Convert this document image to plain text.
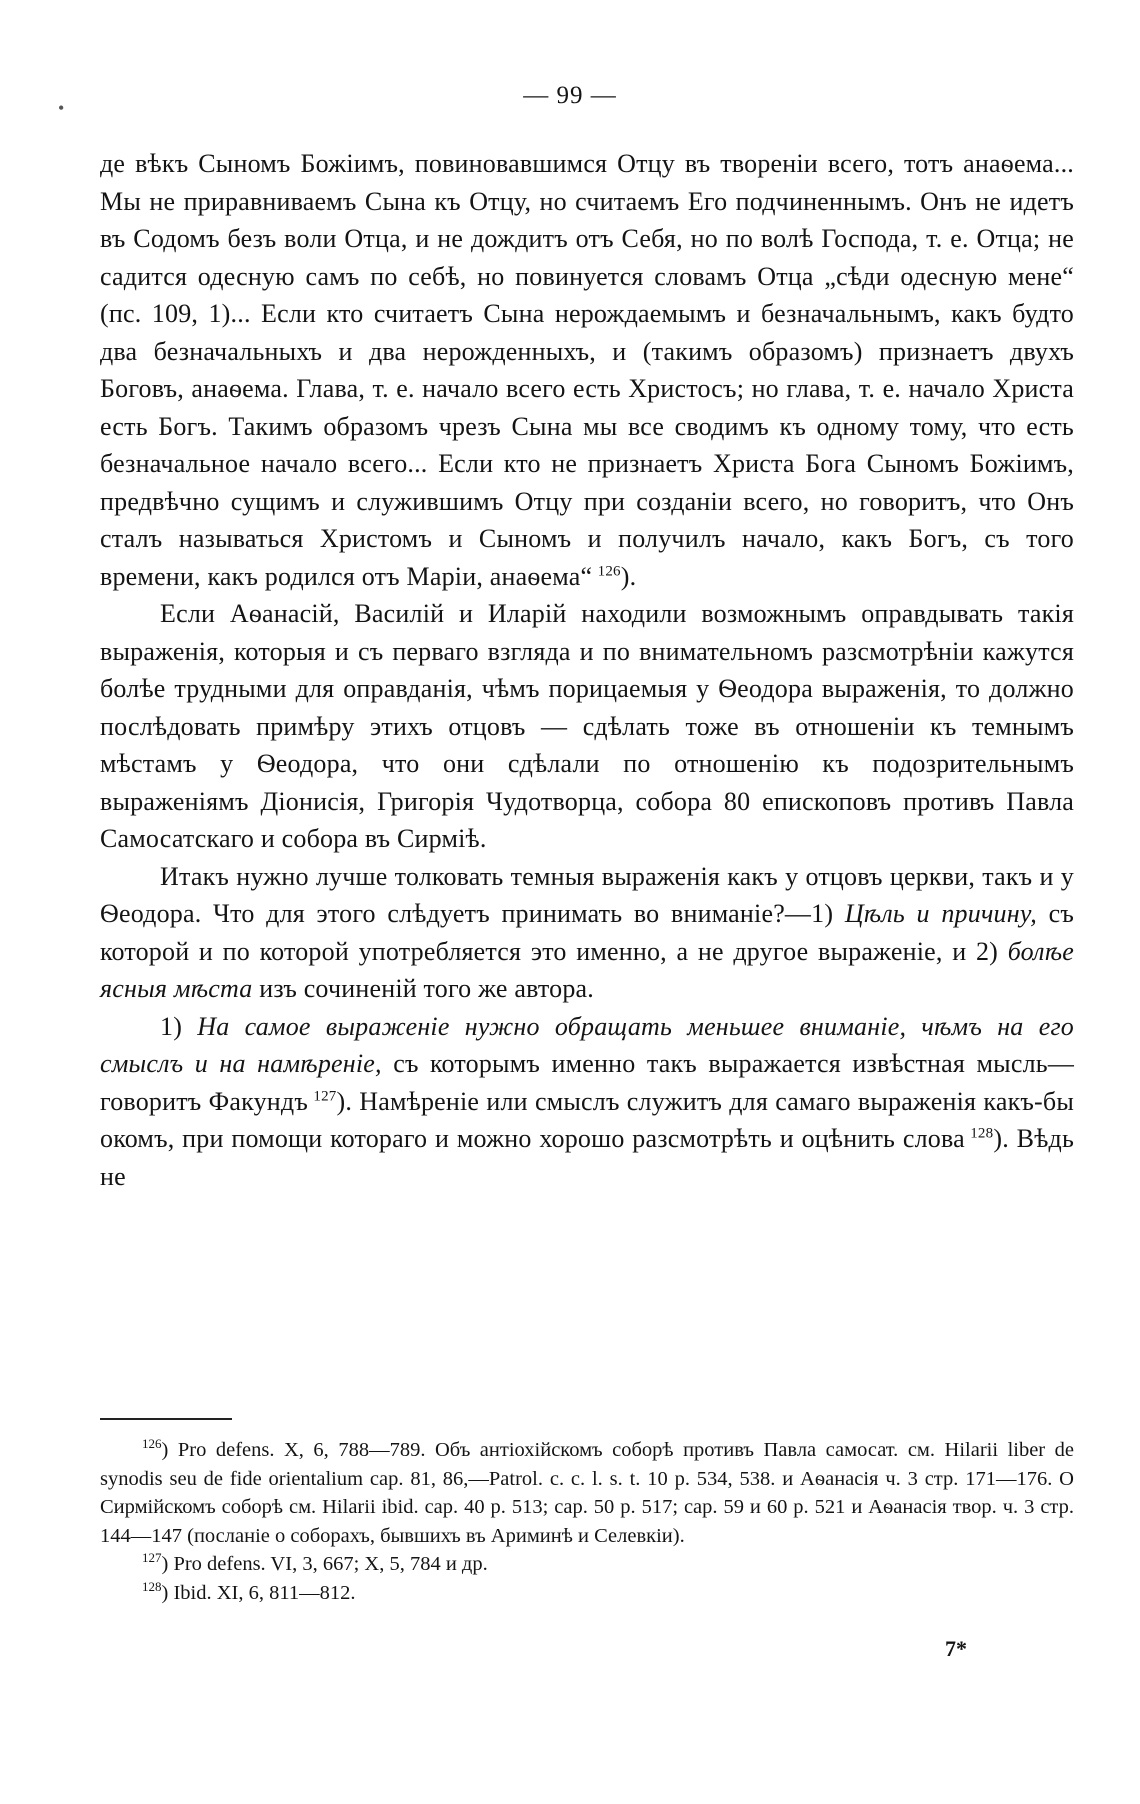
•	— 99 —

де вѣкъ Сыномъ Божіимъ, повиновавшимся Отцу въ твореніи всего, тотъ анаѳема... Мы не приравниваемъ Сына къ Отцу, но считаемъ Его подчиненнымъ. Онъ не идетъ въ Содомъ безъ воли Отца, и не дождитъ отъ Себя, но по волѣ Господа, т. е. Отца; не садится одесную самъ по себѣ, но повинуется словамъ Отца „сѣди одесную мене“ (пс. 109, 1)... Если кто считаетъ Сына нерождаемымъ и безначальнымъ, какъ будто два безначальныхъ и два нерожденныхъ, и (такимъ образомъ) признаетъ двухъ Боговъ, анаѳема. Глава, т. е. начало всего есть Христосъ; но глава, т. е. начало Христа есть Богъ. Такимъ образомъ чрезъ Сына мы все сводимъ къ одному тому, что есть безначальное начало всего... Если кто не признаетъ Христа Бога Сыномъ Божіимъ, предвѣчно сущимъ и служившимъ Отцу при созданіи всего, но говоритъ, что Онъ сталъ называться Христомъ и Сыномъ и получилъ начало, какъ Богъ, съ того времени, какъ родился отъ Маріи, анаѳема“  $^{126}$).

Если Аѳанасій, Василій и Иларій находили возможнымъ оправдывать такія выраженія, которыя и съ перваго взгляда и по внимательномъ разсмотрѣніи кажутся болѣе трудными для оправданія, чѣмъ порицаемыя у Ѳеодора выраженія, то должно послѣдовать примѣру этихъ отцовъ — сдѣлать тоже въ отношеніи къ темнымъ мѣстамъ у Ѳеодора, что они сдѣлали по отношенію къ подозрительнымъ выраженіямъ Діонисія, Григорія Чудотворца, собора 80 епископовъ противъ Павла Самосатскаго и собора въ Сирміѣ.

Итакъ нужно лучше толковать темныя выраженія какъ у отцовъ церкви, такъ и у Ѳеодора. Что для этого слѣдуетъ принимать во вниманіе?—1) Цѣль и причину, съ которой и по которой употребляется это именно, а не другое выраженіе, и 2) болѣе ясныя мѣста изъ сочиненій того же автора.

1) На самое выраженіе нужно обращать меньшее вниманіе, чѣмъ на его смыслъ и на намѣреніе, съ которымъ именно такъ выражается извѣстная мысль—говоритъ Факундъ  $^{127}$). Намѣреніе или смыслъ служитъ для самаго выраженія какъ-бы окомъ, при помощи котораго и можно хорошо разсмотрѣть и оцѣнить слова  $^{128}$). Вѣдь не

$^{126}$) Pro defens. X, 6, 788—789. Объ антіохійскомъ соборѣ противъ Павла самосат. см. Hilarii liber de synodis seu de fide orientalium cap. 81, 86,—Patrol. c. c. l. s. t. 10 p. 534, 538. и Аѳанасія ч. 3 стр. 171—176. О Сирмійскомъ соборѣ см. Hilarii ibid. cap. 40 p. 513; cap. 50 p. 517; cap. 59 и 60 p. 521 и Аѳанасія твор. ч. 3 стр. 144—147 (посланіе о соборахъ, бывшихъ въ Ариминѣ и Селевкіи).

$^{127}$) Pro defens. VI, 3, 667; X, 5, 784 и др.

$^{128}$) Ibid. XI, 6, 811—812.

7*
